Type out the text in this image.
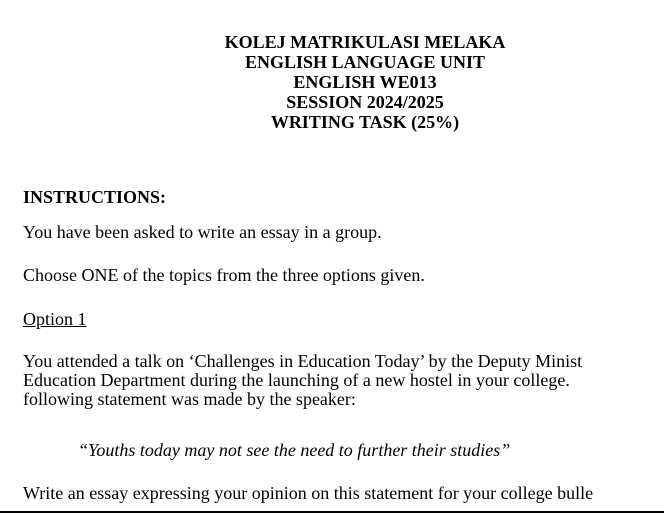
KOLEJ MATRIKULASI MELAKA
ENGLISH LANGUAGE UNIT
ENGLISH WE013
SESSION 2024/2025
WRITING TASK (25%)
INSTRUCTIONS:
You have been asked to write an essay in a group.
Choose ONE of the topics from the three options given.
Option 1
You attended a talk on ‘Challenges in Education Today’ by the Deputy Minist
Education Department during the launching of a new hostel in your college.
following statement was made by the speaker:
“Youths today may not see the need to further their studies”
Write an essay expressing your opinion on this statement for your college bulle
